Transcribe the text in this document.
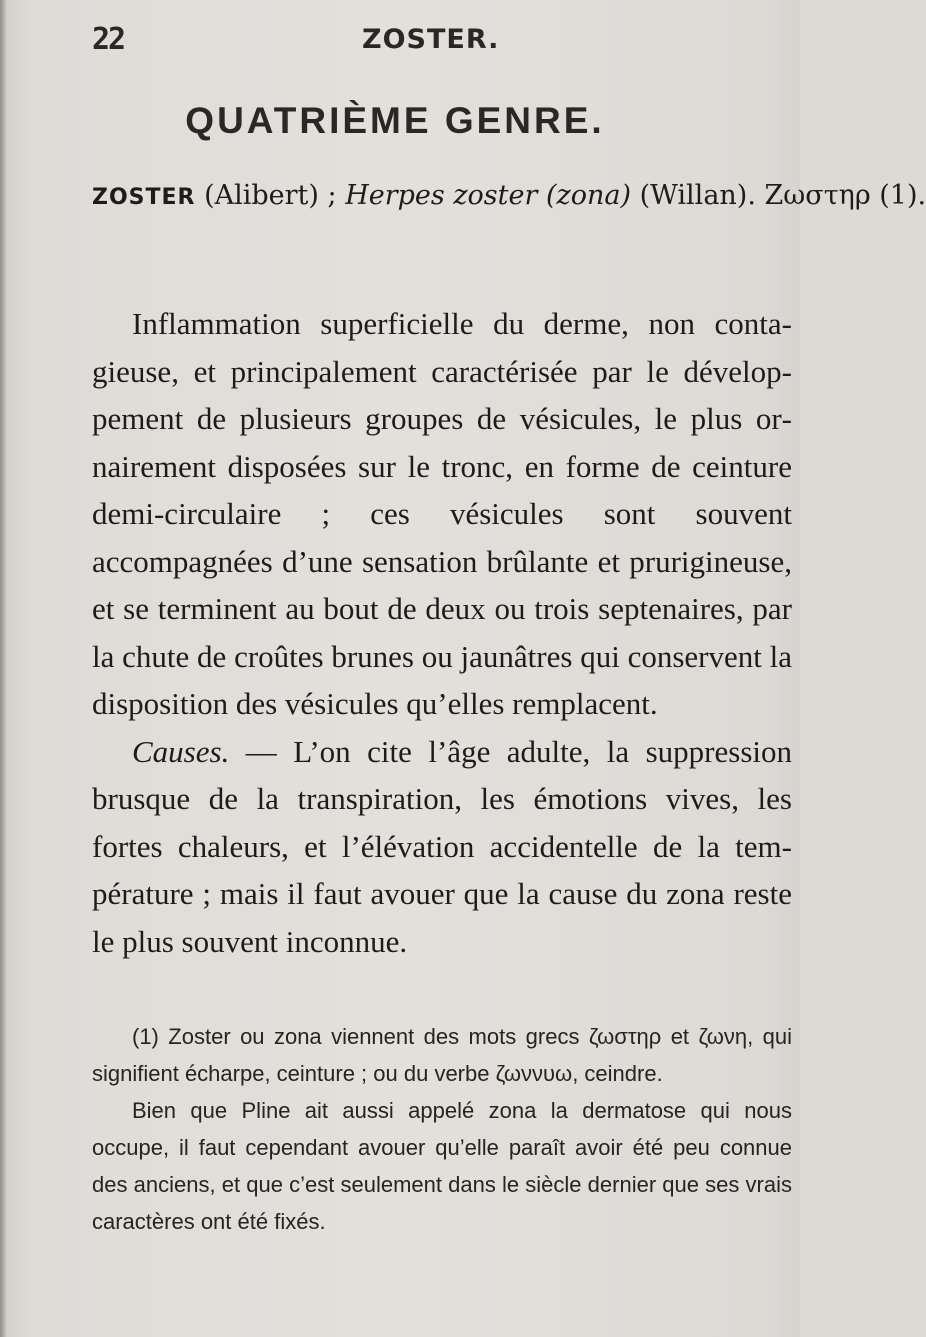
22	ZOSTER.
QUATRIÈME GENRE.
ZOSTER (Alibert) ; Herpes zoster (zona) (Willan). Ζωστηρ (1).

Inflammation superficielle du derme, non contagieuse, et principalement caractérisée par le développement de plusieurs groupes de vésicules, le plus ornairement disposées sur le tronc, en forme de ceinture demi-circulaire ; ces vésicules sont souvent accompagnées d’une sensation brûlante et prurigineuse, et se terminent au bout de deux ou trois septenaires, par la chute de croûtes brunes ou jaunâtres qui conservent la disposition des vésicules qu’elles remplacent.

Causes. — L’on cite l’âge adulte, la suppression brusque de la transpiration, les émotions vives, les fortes chaleurs, et l’élévation accidentelle de la température ; mais il faut avouer que la cause du zona reste le plus souvent inconnue.

(1) Zoster ou zona viennent des mots grecs ζωστηρ et ζωνη, qui signifient écharpe, ceinture ; ou du verbe ζωννυω, ceindre.

Bien que Pline ait aussi appelé zona la dermatose qui nous occupe, il faut cependant avouer qu’elle paraît avoir été peu connue des anciens, et que c’est seulement dans le siècle dernier que ses vrais caractères ont été fixés.
